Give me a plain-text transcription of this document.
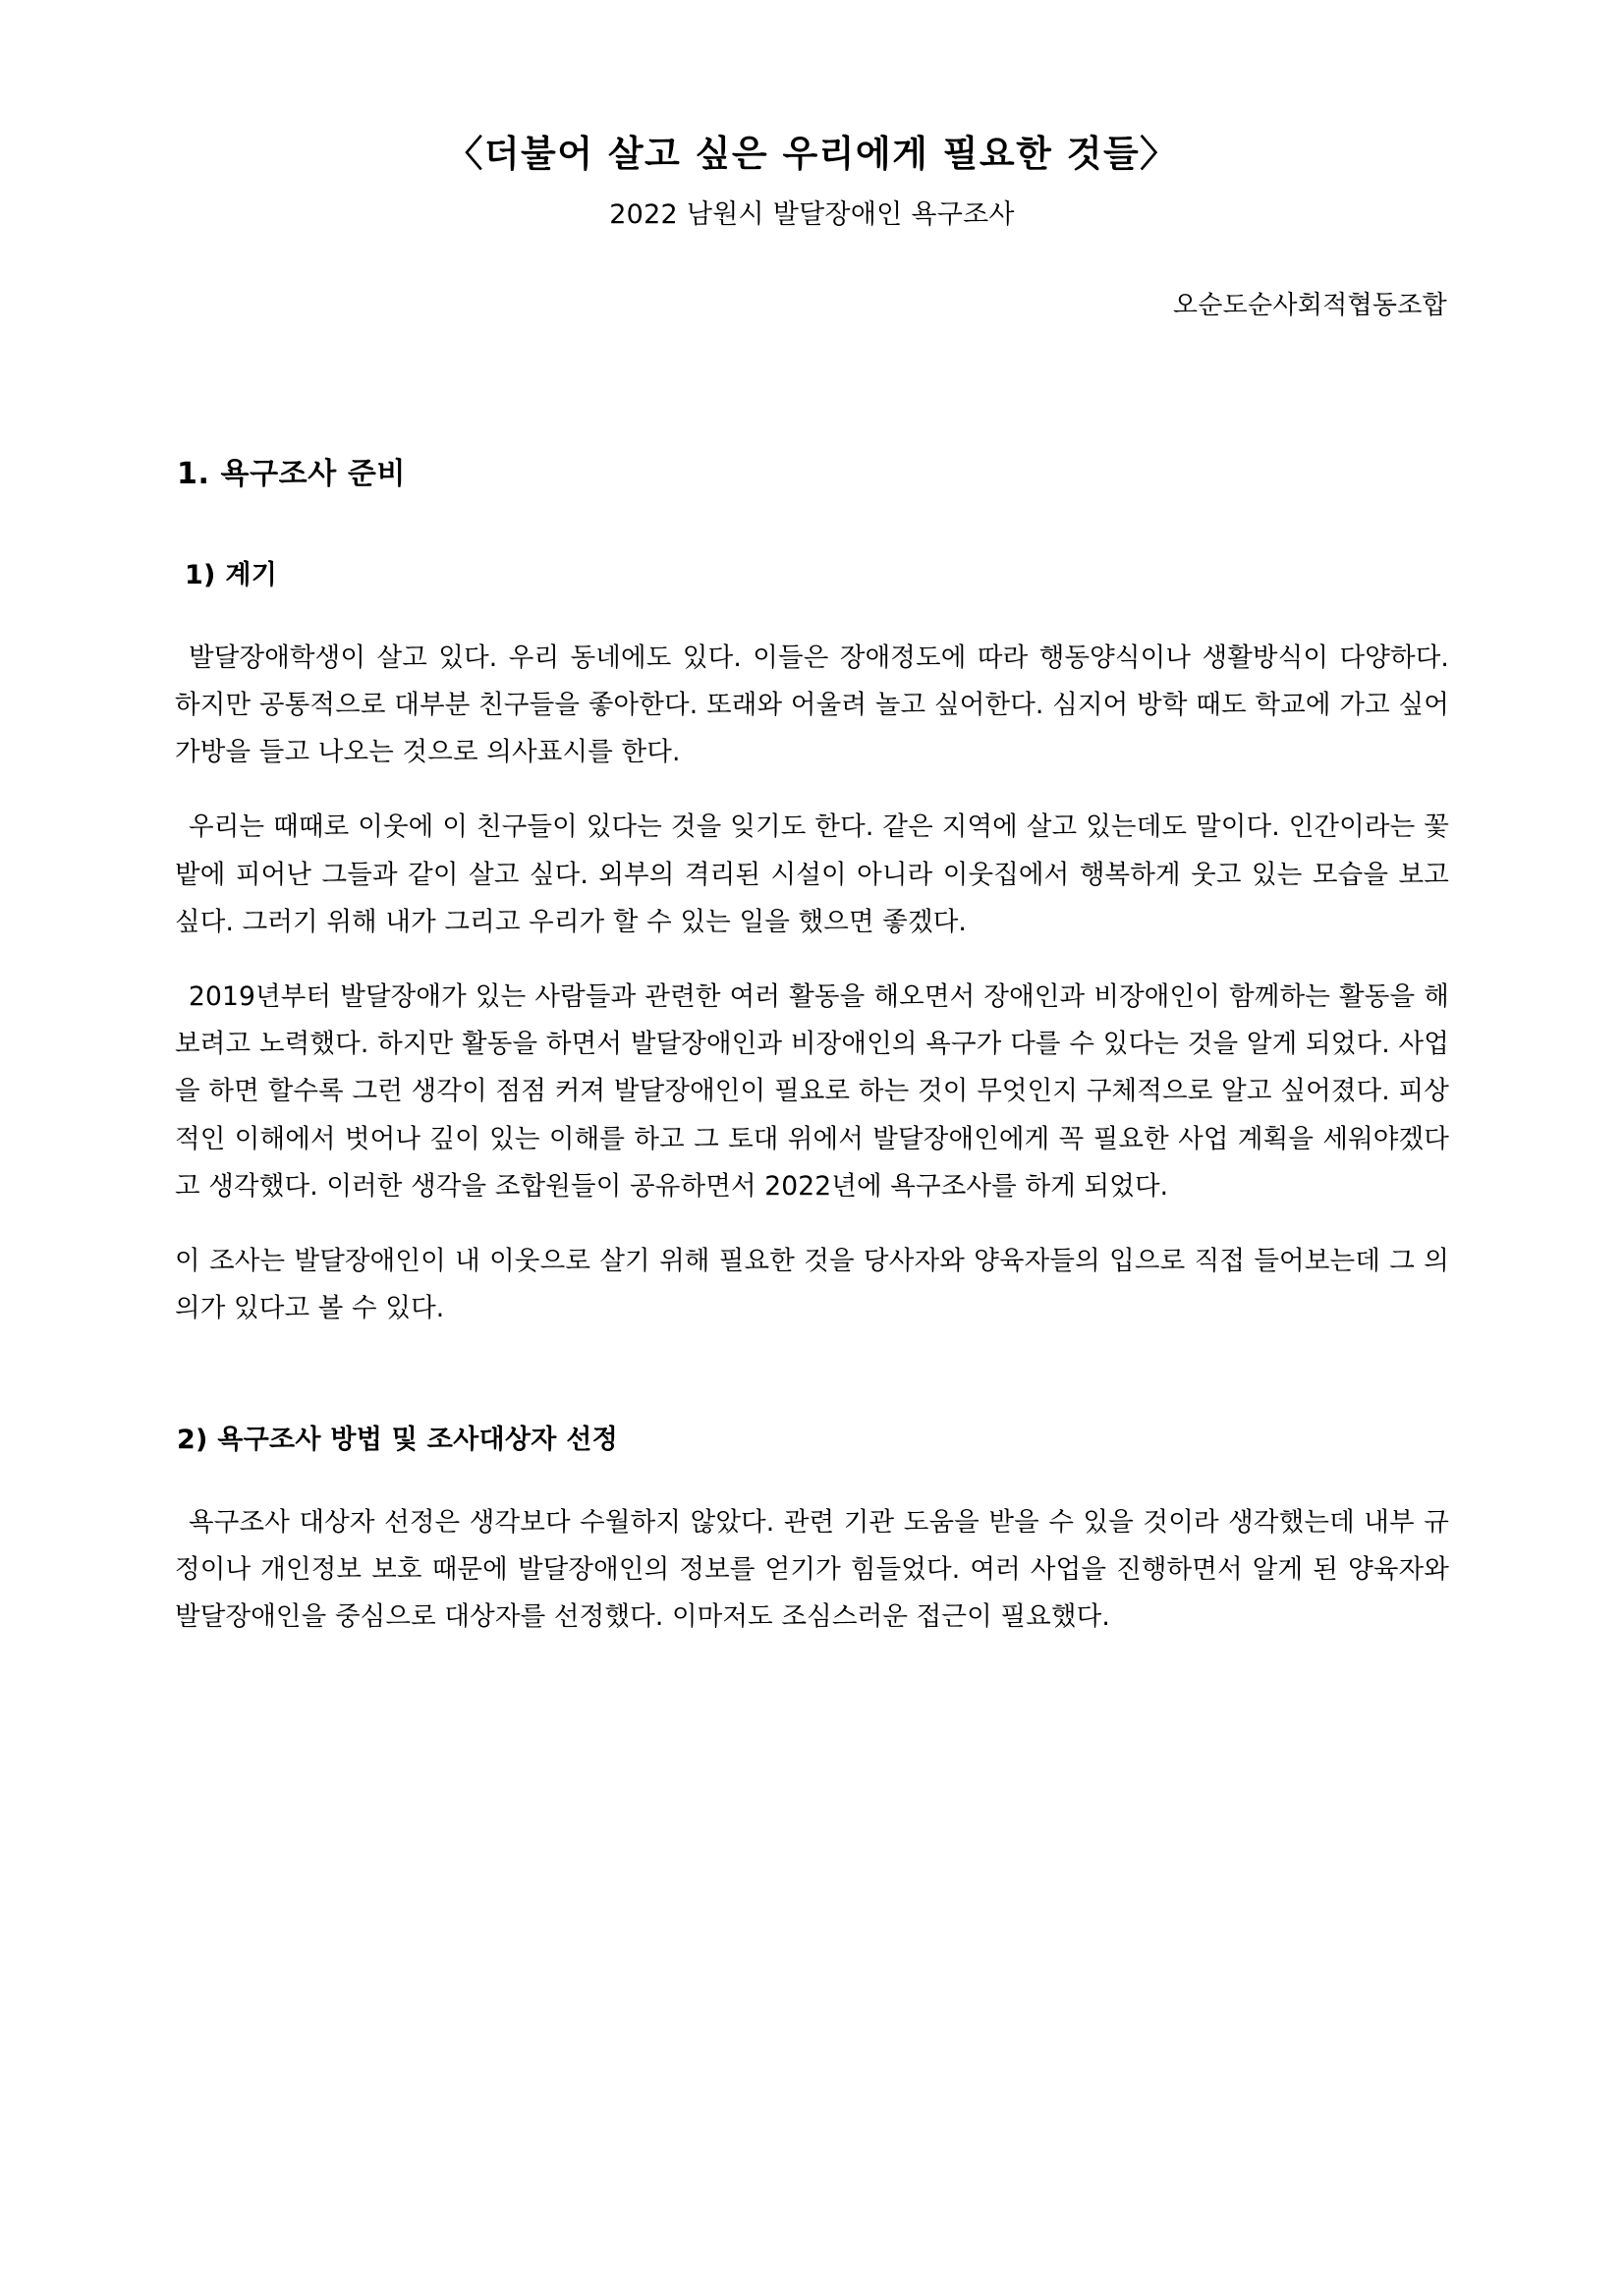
〈더불어 살고 싶은 우리에게 필요한 것들〉
2022 남원시 발달장애인 욕구조사
오순도순사회적협동조합
1. 욕구조사 준비
1) 계기

발달장애학생이 살고 있다. 우리 동네에도 있다. 이들은 장애정도에 따라 행동양식이나 생활방식이 다양하다. 하지만 공통적으로 대부분 친구들을 좋아한다. 또래와 어울려 놀고 싶어한다. 심지어 방학 때도 학교에 가고 싶어 가방을 들고 나오는 것으로 의사표시를 한다.

우리는 때때로 이웃에 이 친구들이 있다는 것을 잊기도 한다. 같은 지역에 살고 있는데도 말이다. 인간이라는 꽃밭에 피어난 그들과 같이 살고 싶다. 외부의 격리된 시설이 아니라 이웃집에서 행복하게 웃고 있는 모습을 보고 싶다. 그러기 위해 내가 그리고 우리가 할 수 있는 일을 했으면 좋겠다.

2019년부터 발달장애가 있는 사람들과 관련한 여러 활동을 해오면서 장애인과 비장애인이 함께하는 활동을 해보려고 노력했다. 하지만 활동을 하면서 발달장애인과 비장애인의 욕구가 다를 수 있다는 것을 알게 되었다. 사업을 하면 할수록 그런 생각이 점점 커져 발달장애인이 필요로 하는 것이 무엇인지 구체적으로 알고 싶어졌다. 피상적인 이해에서 벗어나 깊이 있는 이해를 하고 그 토대 위에서 발달장애인에게 꼭 필요한 사업 계획을 세워야겠다고 생각했다. 이러한 생각을 조합원들이 공유하면서 2022년에 욕구조사를 하게 되었다.

이 조사는 발달장애인이 내 이웃으로 살기 위해 필요한 것을 당사자와 양육자들의 입으로 직접 들어보는데 그 의의가 있다고 볼 수 있다.

2) 욕구조사 방법 및 조사대상자 선정

욕구조사 대상자 선정은 생각보다 수월하지 않았다. 관련 기관 도움을 받을 수 있을 것이라 생각했는데 내부 규정이나 개인정보 보호 때문에 발달장애인의 정보를 얻기가 힘들었다. 여러 사업을 진행하면서 알게 된 양육자와 발달장애인을 중심으로 대상자를 선정했다. 이마저도 조심스러운 접근이 필요했다.
